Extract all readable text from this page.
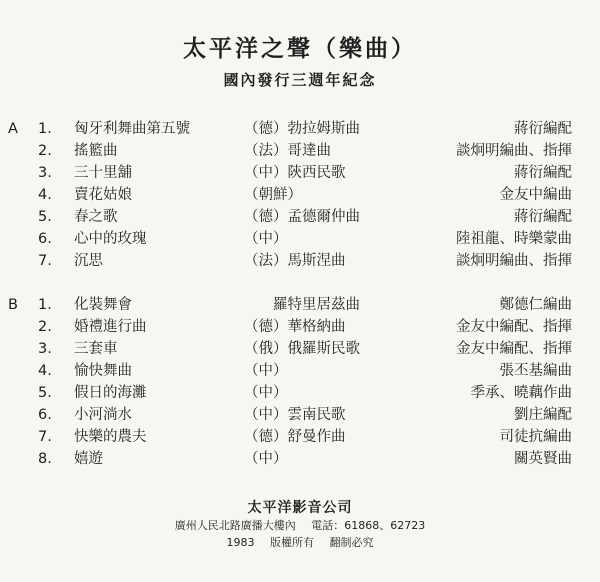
太平洋之聲（樂曲）
國內發行三週年紀念
A 1. 匈牙利舞曲第五號	（德）勃拉姆斯曲	蔣衍編配
2. 搖籃曲	（法）哥達曲	談炯明編曲、指揮
3. 三十里舖	（中）陝西民歌	蔣衍編配
4. 賣花姑娘	（朝鮮）	金友中編曲
5. 春之歌	（德）孟德爾仲曲	蔣衍編配
6. 心中的玫瑰	（中）	陸祖龍、時樂蒙曲
7. 沉思	（法）馬斯涅曲	談炯明編曲、指揮
B 1. 化裝舞會	　　羅特里居茲曲	鄭德仁編曲
2. 婚禮進行曲	（德）華格納曲	金友中編配、指揮
3. 三套車	（俄）俄羅斯民歌	金友中編配、指揮
4. 愉快舞曲	（中）	張丕基編曲
5. 假日的海灘	（中）	季承、曉藕作曲
6. 小河淌水	（中）雲南民歌	劉庄編配
7. 快樂的農夫	（德）舒曼作曲	司徒抗編曲
8. 嬉遊	（中）	關英賢曲
太平洋影音公司
廣州人民北路廣播大樓內 電話：61868、62723
1983 版權所有 翻制必究
